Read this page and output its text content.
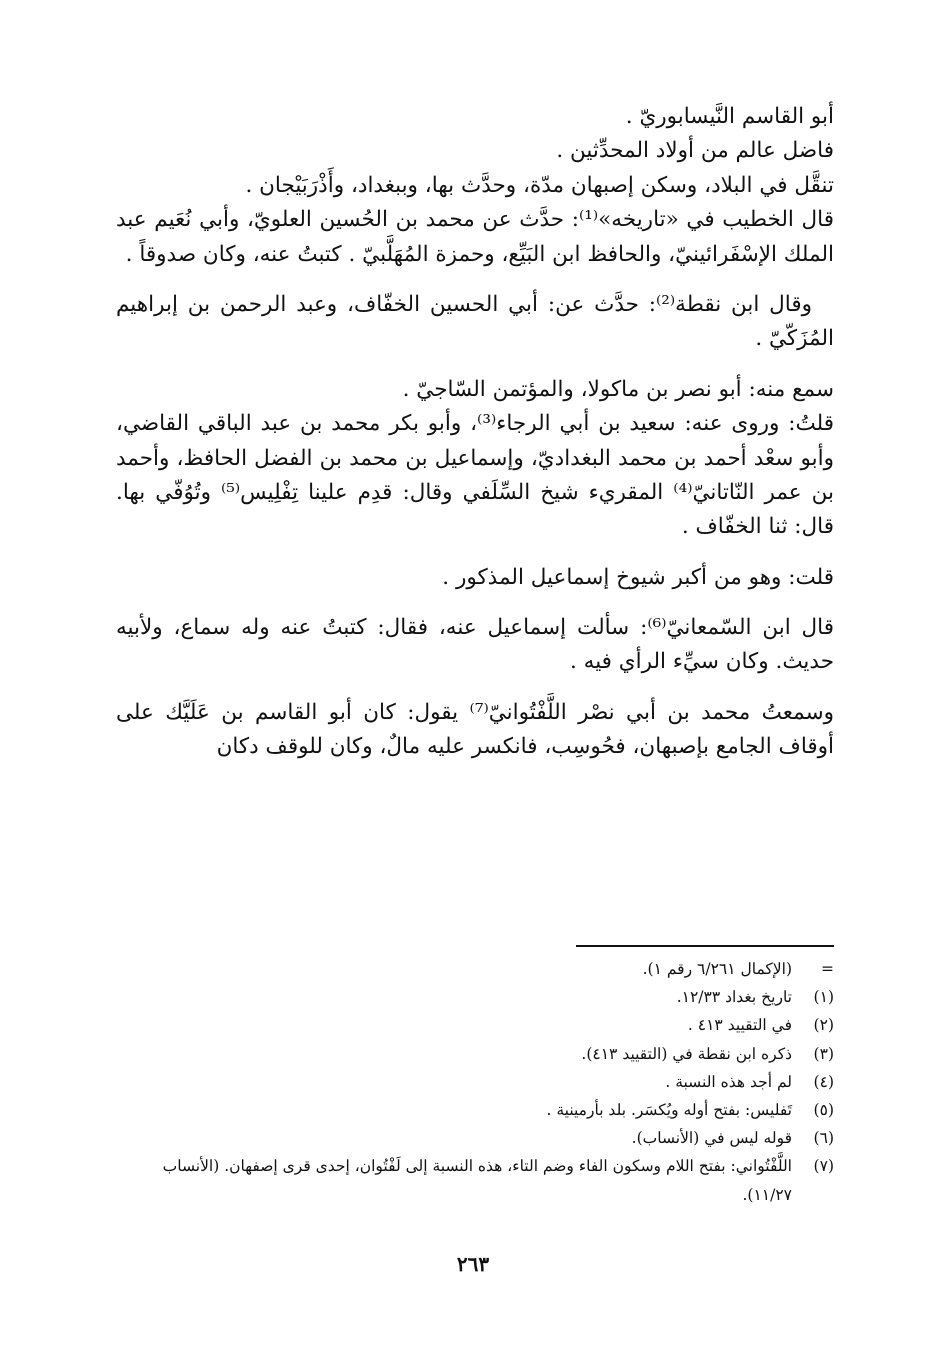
أبو القاسم النَّيسابوريّ .

فاضل عالم من أولاد المحدِّثين .

تنقَّل في البلاد، وسكن إصبهان مدّة، وحدَّث بها، وببغداد، وأَذْرَبَيْجان .

قال الخطيب في «تاريخه»⁽¹⁾: حدَّث عن محمد بن الحُسين العلويّ، وأبي نُعَيم عبد الملك الإسْفَرائينيّ، والحافظ ابن البَيِّع، وحمزة المُهَلَّبيّ . كتبتُ عنه، وكان صدوقاً .

وقال ابن نقطة⁽²⁾: حدَّث عن: أبي الحسين الخفّاف، وعبد الرحمن بن إبراهيم المُزَكّيّ .

سمع منه: أبو نصر بن ماكولا، والمؤتمن السّاجيّ .

قلتُ: وروى عنه: سعيد بن أبي الرجاء⁽³⁾، وأبو بكر محمد بن عبد الباقي القاضي، وأبو سعْد أحمد بن محمد البغداديّ، وإسماعيل بن محمد بن الفضل الحافظ، وأحمد بن عمر النّاتانيّ⁽⁴⁾ المقريء شيخ السِّلَفي وقال: قدِم علينا تِفْلِيس⁽⁵⁾ وتُوُفّي بها. قال: ثنا الخفّاف .

قلت: وهو من أكبر شيوخ إسماعيل المذكور .

قال ابن السّمعانيّ⁽⁶⁾: سألت إسماعيل عنه، فقال: كتبتُ عنه وله سماع، ولأبيه حديث. وكان سيِّء الرأي فيه .

وسمعتُ محمد بن أبي نصْر اللَّفْتُوانيّ⁽⁷⁾ يقول: كان أبو القاسم بن عَلَيَّك على أوقاف الجامع بإصبهان، فحُوسِب، فانكسر عليه مالٌ، وكان للوقف دكان

=
(الإكمال ٦/٢٦١ رقم ١).
(١)
تاريخ بغداد ١٢/٣٣.
(٢)
في التقييد ٤١٣ .
(٣)
ذكره ابن نقطة في (التقييد ٤١٣).
(٤)
لم أجد هذه النسبة .
(٥)
تَفليس: بفتح أوله ويُكسَر. بلد بأرمينية .
(٦)
قوله ليس في (الأنساب).
(٧)
اللَّفْتُواني: بفتح اللام وسكون الفاء وضم التاء، هذه النسبة إلى لَفْتُوان، إحدى قرى إصفهان. (الأنساب ١١/٢٧).
٢٦٣
